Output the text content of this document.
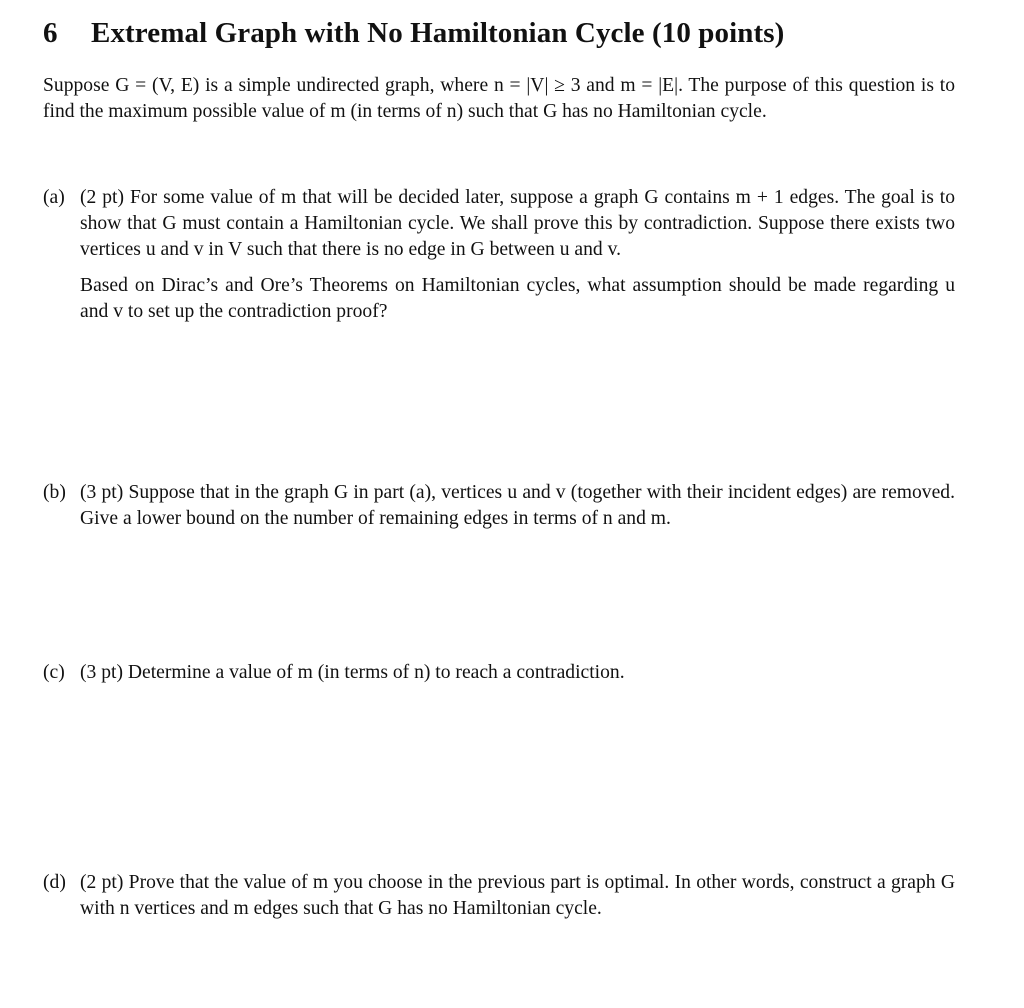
6 Extremal Graph with No Hamiltonian Cycle (10 points)
Suppose G = (V, E) is a simple undirected graph, where n = |V| ≥ 3 and m = |E|. The purpose of this question is to find the maximum possible value of m (in terms of n) such that G has no Hamiltonian cycle.
(a) (2 pt) For some value of m that will be decided later, suppose a graph G contains m + 1 edges. The goal is to show that G must contain a Hamiltonian cycle. We shall prove this by contradiction. Suppose there exists two vertices u and v in V such that there is no edge in G between u and v.

Based on Dirac’s and Ore’s Theorems on Hamiltonian cycles, what assumption should be made regarding u and v to set up the contradiction proof?

(b) (3 pt) Suppose that in the graph G in part (a), vertices u and v (together with their incident edges) are removed. Give a lower bound on the number of remaining edges in terms of n and m.

(c) (3 pt) Determine a value of m (in terms of n) to reach a contradiction.

(d) (2 pt) Prove that the value of m you choose in the previous part is optimal. In other words, construct a graph G with n vertices and m edges such that G has no Hamiltonian cycle.
